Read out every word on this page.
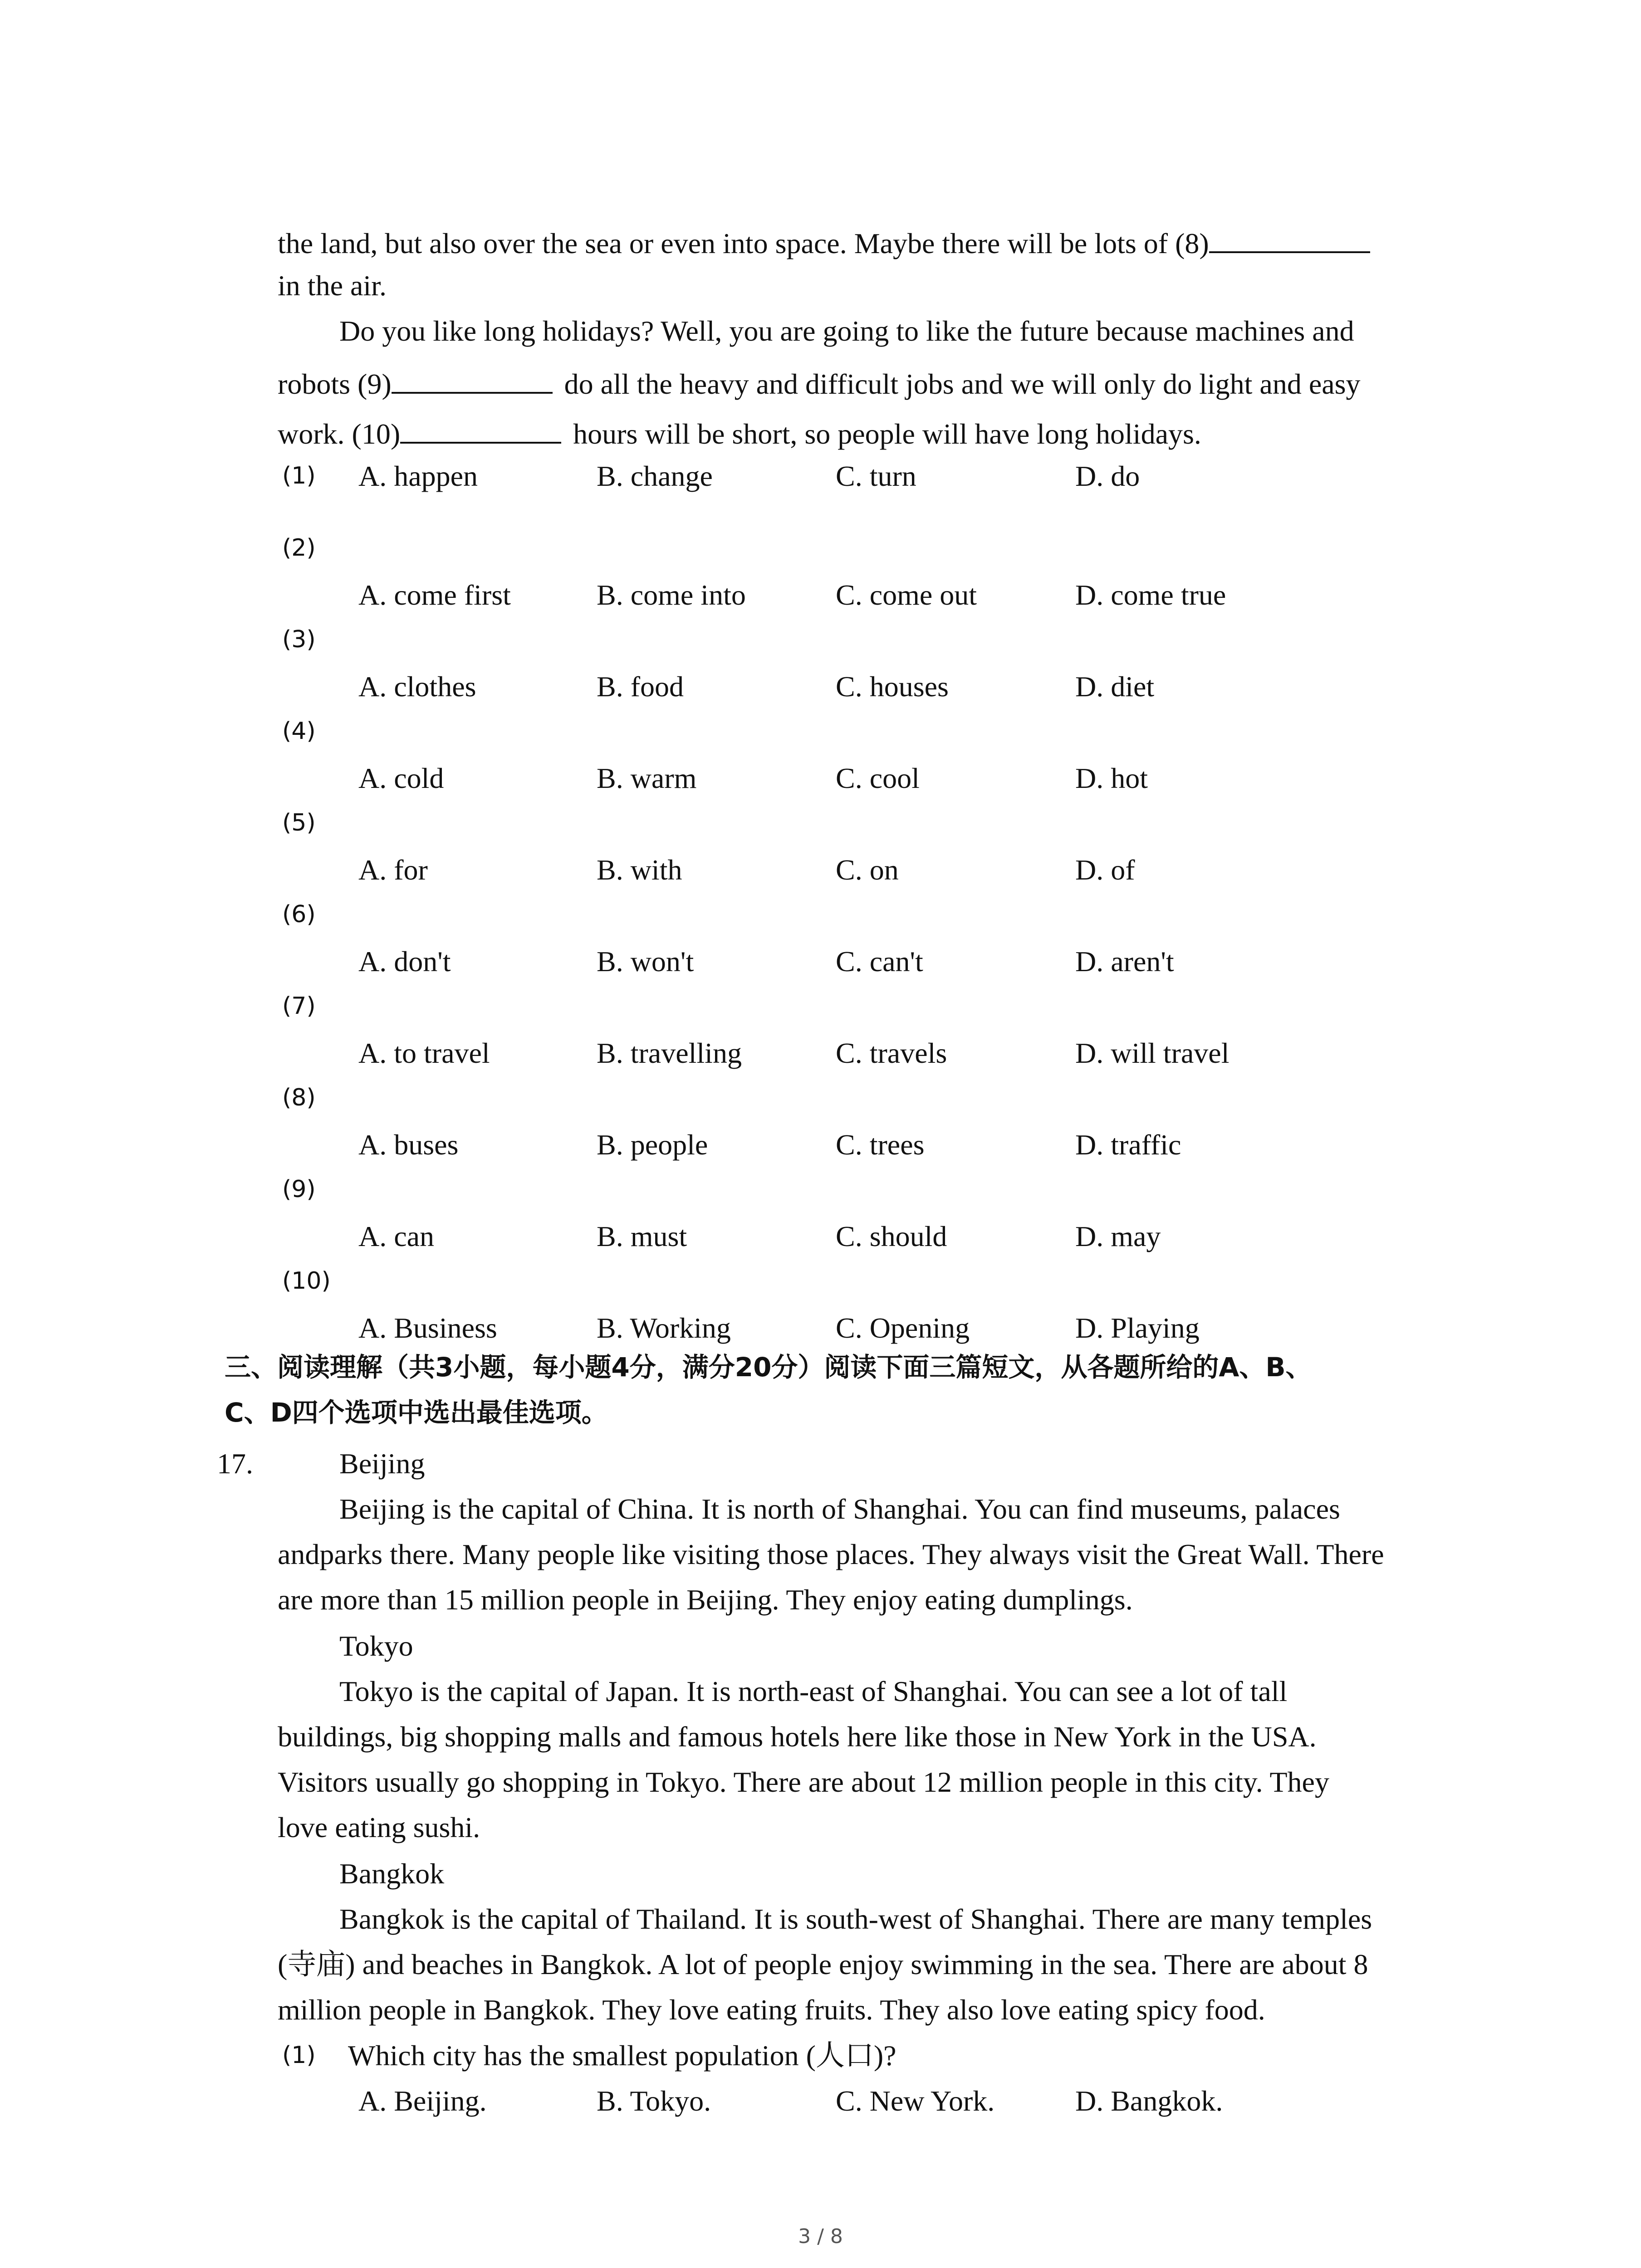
the land, but also over the sea or even into space. Maybe there will be lots of (8)
in the air.
Do you like long holidays? Well, you are going to like the future because machines and
robots (9)	do all the heavy and difficult jobs and we will only do light and easy
work. (10)	hours will be short, so people will have long holidays.
(1) A. happen	B. change	C. turn	D. do
(2)
A. come first	B. come into	C. come out	D. come true
(3)
A. clothes	B. food	C. houses	D. diet
(4)
A. cold	B. warm	C. cool	D. hot
(5)
A. for	B. with	C. on	D. of
(6)
A. don't	B. won't	C. can't	D. aren't
(7)
A. to travel	B. travelling	C. travels	D. will travel
(8)
A. buses	B. people	C. trees	D. traffic
(9)
A. can	B. must	C. should	D. may
(10)
A. Business	B. Working	C. Opening	D. Playing
三、阅读理解（共3小题，每小题4分，满分20分）阅读下面三篇短文，从各题所给的A、B、
C、D四个选项中选出最佳选项。
17.	Beijing
Beijing is the capital of China. It is north of Shanghai. You can find museums, palaces
andparks there. Many people like visiting those places. They always visit the Great Wall. There
are more than 15 million people in Beijing. They enjoy eating dumplings.
Tokyo
Tokyo is the capital of Japan. It is north-east of Shanghai. You can see a lot of tall
buildings, big shopping malls and famous hotels here like those in New York in the USA.
Visitors usually go shopping in Tokyo. There are about 12 million people in this city. They
love eating sushi.
Bangkok
Bangkok is the capital of Thailand. It is south-west of Shanghai. There are many temples
(寺庙) and beaches in Bangkok. A lot of people enjoy swimming in the sea. There are about 8
million people in Bangkok. They love eating fruits. They also love eating spicy food.
(1) Which city has the smallest population (人口)?
A. Beijing.	B. Tokyo.	C. New York.	D. Bangkok.
3 / 8
